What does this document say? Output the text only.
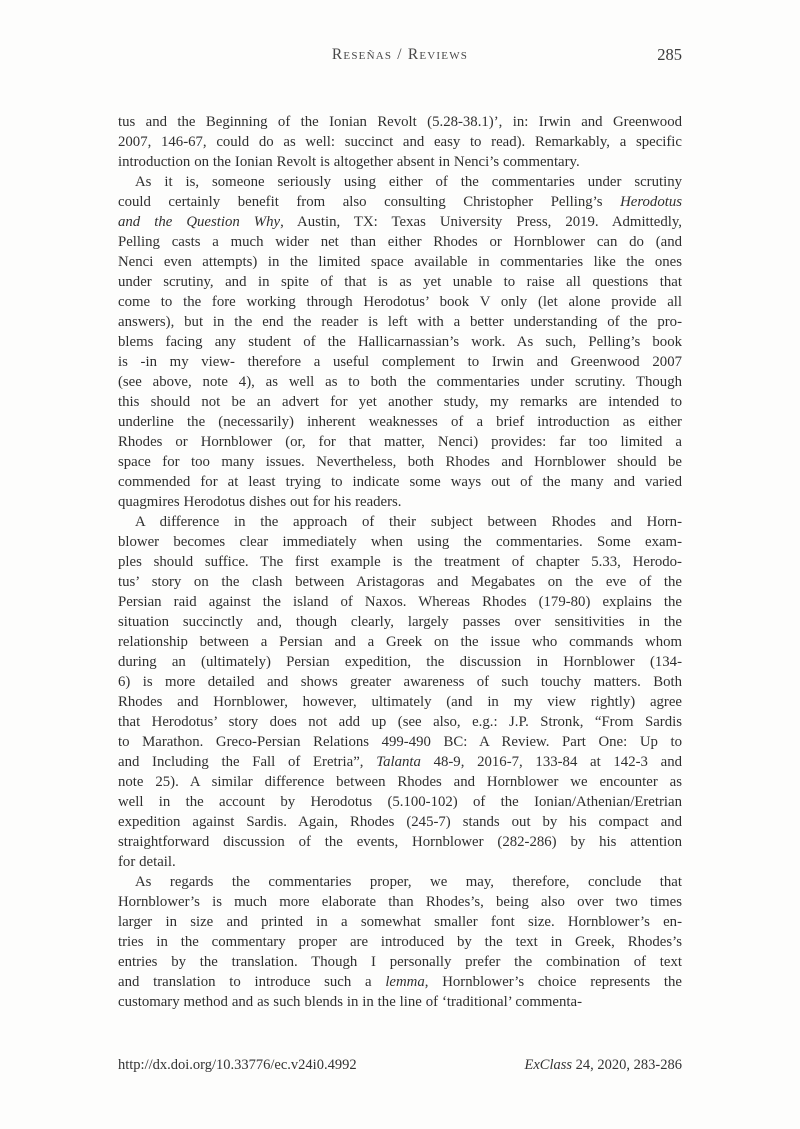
Reseñas / Reviews	285
tus and the Beginning of the Ionian Revolt (5.28-38.1)’, in: Irwin and Greenwood
2007, 146-67, could do as well: succinct and easy to read). Remarkably, a specific
introduction on the Ionian Revolt is altogether absent in Nenci’s commentary.
As it is, someone seriously using either of the commentaries under scrutiny
could certainly benefit from also consulting Christopher Pelling’s Herodotus
and the Question Why, Austin, TX: Texas University Press, 2019. Admittedly,
Pelling casts a much wider net than either Rhodes or Hornblower can do (and
Nenci even attempts) in the limited space available in commentaries like the ones
under scrutiny, and in spite of that is as yet unable to raise all questions that
come to the fore working through Herodotus’ book V only (let alone provide all
answers), but in the end the reader is left with a better understanding of the pro-
blems facing any student of the Hallicarnassian’s work. As such, Pelling’s book
is -in my view- therefore a useful complement to Irwin and Greenwood 2007
(see above, note 4), as well as to both the commentaries under scrutiny. Though
this should not be an advert for yet another study, my remarks are intended to
underline the (necessarily) inherent weaknesses of a brief introduction as either
Rhodes or Hornblower (or, for that matter, Nenci) provides: far too limited a
space for too many issues. Nevertheless, both Rhodes and Hornblower should be
commended for at least trying to indicate some ways out of the many and varied
quagmires Herodotus dishes out for his readers.
A difference in the approach of their subject between Rhodes and Horn-
blower becomes clear immediately when using the commentaries. Some exam-
ples should suffice. The first example is the treatment of chapter 5.33, Herodo-
tus’ story on the clash between Aristagoras and Megabates on the eve of the
Persian raid against the island of Naxos. Whereas Rhodes (179-80) explains the
situation succinctly and, though clearly, largely passes over sensitivities in the
relationship between a Persian and a Greek on the issue who commands whom
during an (ultimately) Persian expedition, the discussion in Hornblower (134-
6) is more detailed and shows greater awareness of such touchy matters. Both
Rhodes and Hornblower, however, ultimately (and in my view rightly) agree
that Herodotus’ story does not add up (see also, e.g.: J.P. Stronk, “From Sardis
to Marathon. Greco-Persian Relations 499-490 BC: A Review. Part One: Up to
and Including the Fall of Eretria”, Talanta 48-9, 2016-7, 133-84 at 142-3 and
note 25). A similar difference between Rhodes and Hornblower we encounter as
well in the account by Herodotus (5.100-102) of the Ionian/Athenian/Eretrian
expedition against Sardis. Again, Rhodes (245-7) stands out by his compact and
straightforward discussion of the events, Hornblower (282-286) by his attention
for detail.
As regards the commentaries proper, we may, therefore, conclude that
Hornblower’s is much more elaborate than Rhodes’s, being also over two times
larger in size and printed in a somewhat smaller font size. Hornblower’s en-
tries in the commentary proper are introduced by the text in Greek, Rhodes’s
entries by the translation. Though I personally prefer the combination of text
and translation to introduce such a lemma, Hornblower’s choice represents the
customary method and as such blends in in the line of ‘traditional’ commenta-
http://dx.doi.org/10.33776/ec.v24i0.4992	ExClass 24, 2020, 283-286
